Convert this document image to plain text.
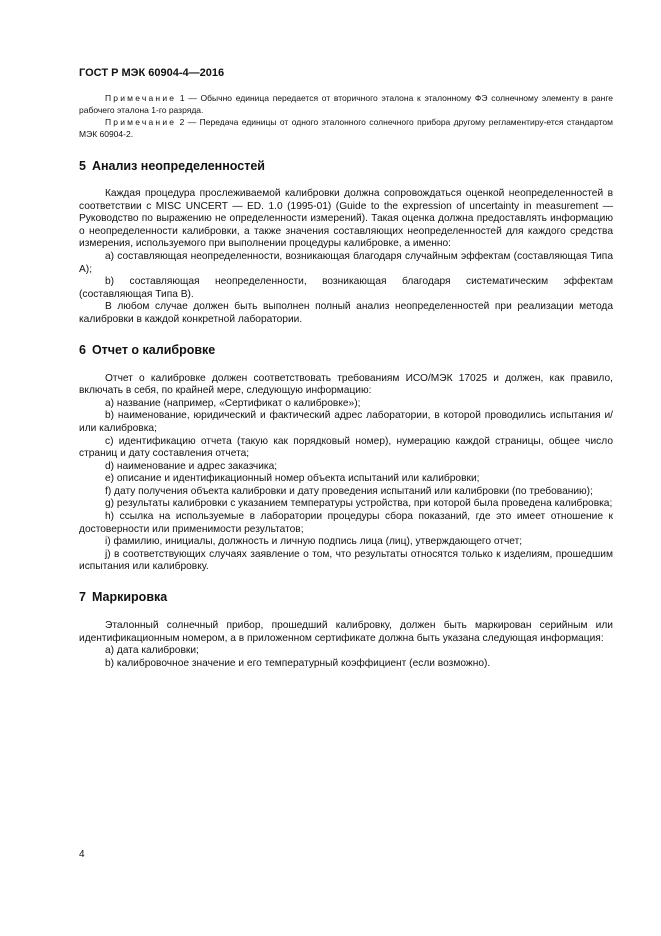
ГОСТ Р МЭК 60904-4—2016

Примечание 1 — Обычно единица передается от вторичного эталона к эталонному ФЭ солнечному элементу в ранге рабочего эталона 1-го разряда.

Примечание 2 — Передача единицы от одного эталонного солнечного прибора другому регламентиру-ется стандартом МЭК 60904-2.

5 Анализ неопределенностей

Каждая процедура прослеживаемой калибровки должна сопровождаться оценкой неопределенностей в соответствии с MISC UNCERT — ED. 1.0 (1995-01) (Guide to the expression of uncertainty in measurement — Руководство по выражению не определенности измерений). Такая оценка должна предоставлять информацию о неопределенности калибровки, а также значения составляющих неопределенностей для каждого средства измерения, используемого при выполнении процедуры калибровке, а именно:

a) составляющая неопределенности, возникающая благодаря случайным эффектам (составляющая Типа А);

b) составляющая неопределенности, возникающая благодаря систематическим эффектам (составляющая Типа В).

В любом случае должен быть выполнен полный анализ неопределенностей при реализации метода калибровки в каждой конкретной лаборатории.

6 Отчет о калибровке

Отчет о калибровке должен соответствовать требованиям ИСО/МЭК 17025 и должен, как правило, включать в себя, по крайней мере, следующую информацию:

a) название (например, «Сертификат о калибровке»);

b) наименование, юридический и фактический адрес лаборатории, в которой проводились испытания и/или калибровка;

c) идентификацию отчета (такую как порядковый номер), нумерацию каждой страницы, общее число страниц и дату составления отчета;

d) наименование и адрес заказчика;

e) описание и идентификационный номер объекта испытаний или калибровки;

f) дату получения объекта калибровки и дату проведения испытаний или калибровки (по требованию);

g) результаты калибровки с указанием температуры устройства, при которой была проведена калибровка;

h) ссылка на используемые в лаборатории процедуры сбора показаний, где это имеет отношение к достоверности или применимости результатов;

i) фамилию, инициалы, должность и личную подпись лица (лиц), утверждающего отчет;

j) в соответствующих случаях заявление о том, что результаты относятся только к изделиям, прошедшим испытания или калибровку.

7 Маркировка

Эталонный солнечный прибор, прошедший калибровку, должен быть маркирован серийным или идентификационным номером, а в приложенном сертификате должна быть указана следующая информация:

a) дата калибровки;

b) калибровочное значение и его температурный коэффициент (если возможно).

4
